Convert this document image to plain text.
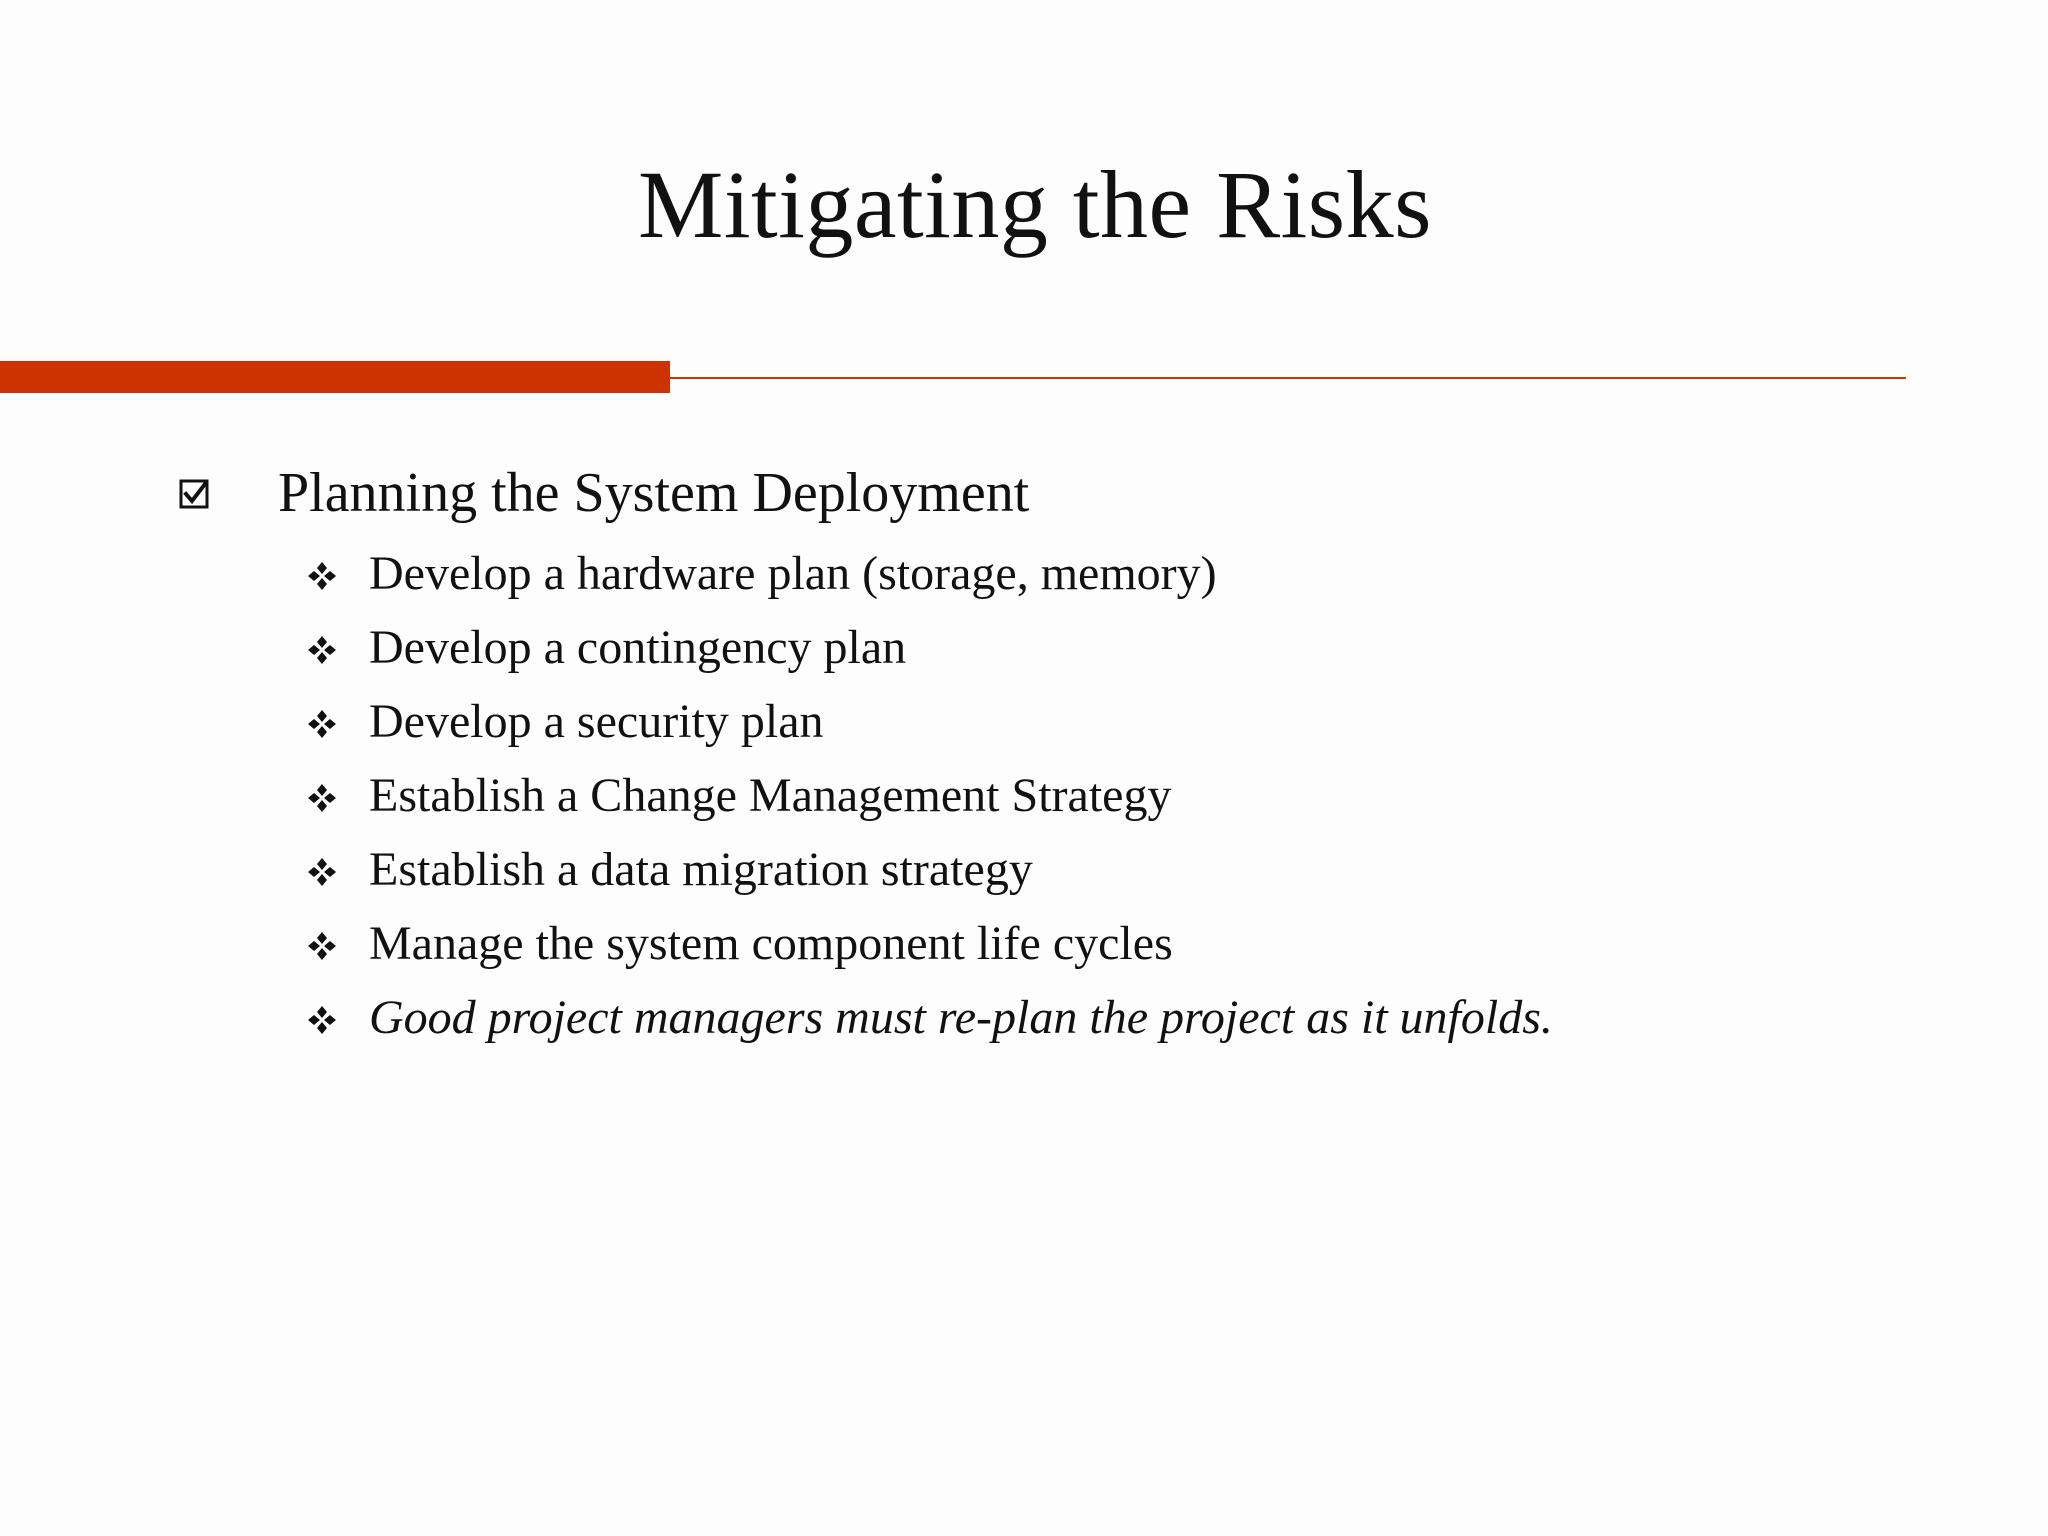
Mitigating the Risks
Planning the System Deployment
Develop a hardware plan (storage, memory)
Develop a contingency plan
Develop a security plan
Establish a Change Management Strategy
Establish a data migration strategy
Manage the system component life cycles
Good project managers must re-plan the project as it unfolds.
